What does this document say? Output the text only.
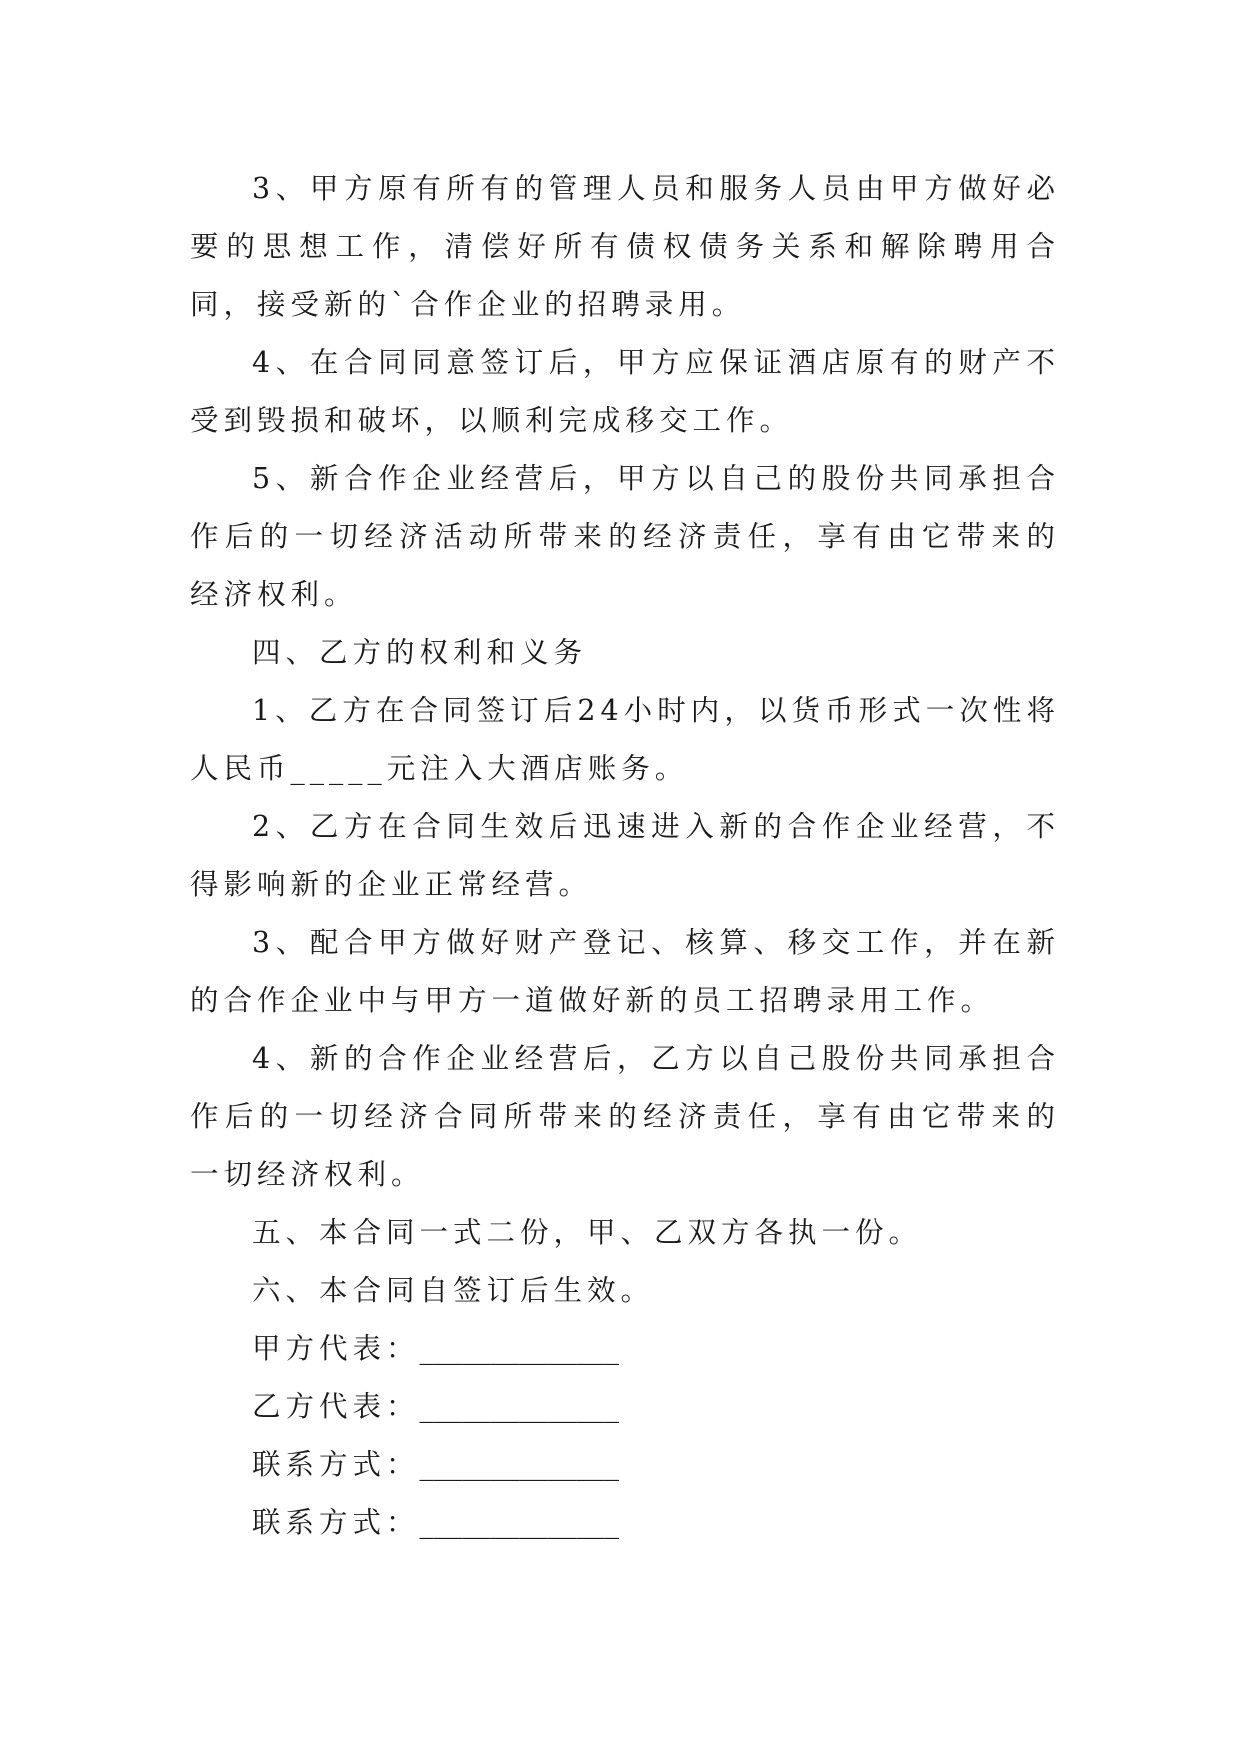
3、甲方原有所有的管理人员和服务人员由甲方做好必要的思想工作，清偿好所有债权债务关系和解除聘用合同，接受新的`合作企业的招聘录用。

4、在合同同意签订后，甲方应保证酒店原有的财产不受到毁损和破坏，以顺利完成移交工作。

5、新合作企业经营后，甲方以自己的股份共同承担合作后的一切经济活动所带来的经济责任，享有由它带来的经济权利。

四、乙方的权利和义务

1、乙方在合同签订后24小时内，以货币形式一次性将人民币_____元注入大酒店账务。

2、乙方在合同生效后迅速进入新的合作企业经营，不得影响新的企业正常经营。

3、配合甲方做好财产登记、核算、移交工作，并在新的合作企业中与甲方一道做好新的员工招聘录用工作。

4、新的合作企业经营后，乙方以自己股份共同承担合作后的一切经济合同所带来的经济责任，享有由它带来的一切经济权利。

五、本合同一式二份，甲、乙双方各执一份。

六、本合同自签订后生效。

甲方代表：______________
乙方代表：______________
联系方式：______________
联系方式：______________
